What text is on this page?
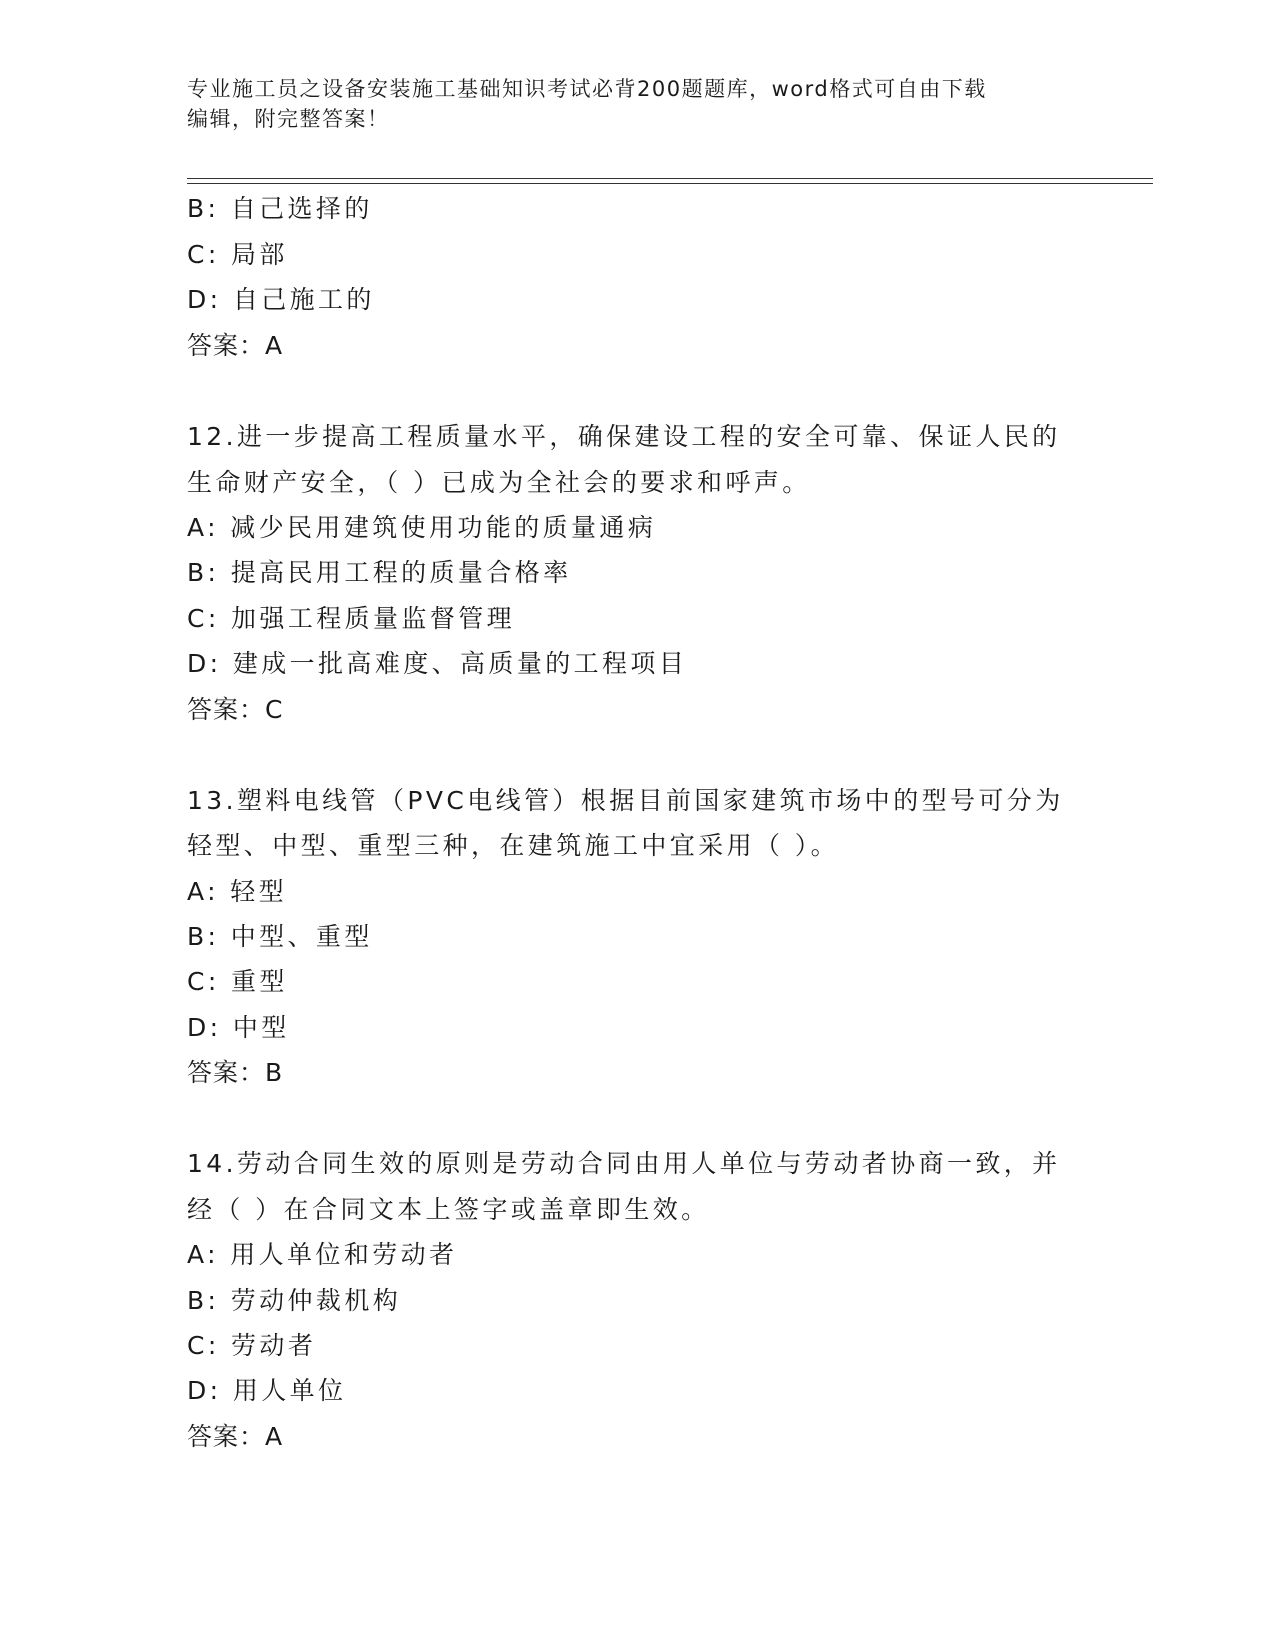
专业施工员之设备安装施工基础知识考试必背200题题库，word格式可自由下载
编辑，附完整答案！
B: 自己选择的
C: 局部
D: 自己施工的
答案：A
12.进一步提高工程质量水平，确保建设工程的安全可靠、保证人民的
生命财产安全，（ ）已成为全社会的要求和呼声。
A: 减少民用建筑使用功能的质量通病
B: 提高民用工程的质量合格率
C: 加强工程质量监督管理
D: 建成一批高难度、高质量的工程项目
答案：C
13.塑料电线管（PVC电线管）根据目前国家建筑市场中的型号可分为
轻型、中型、重型三种，在建筑施工中宜采用（ ）。
A: 轻型
B: 中型、重型
C: 重型
D: 中型
答案：B
14.劳动合同生效的原则是劳动合同由用人单位与劳动者协商一致，并
经（ ）在合同文本上签字或盖章即生效。
A: 用人单位和劳动者
B: 劳动仲裁机构
C: 劳动者
D: 用人单位
答案：A
